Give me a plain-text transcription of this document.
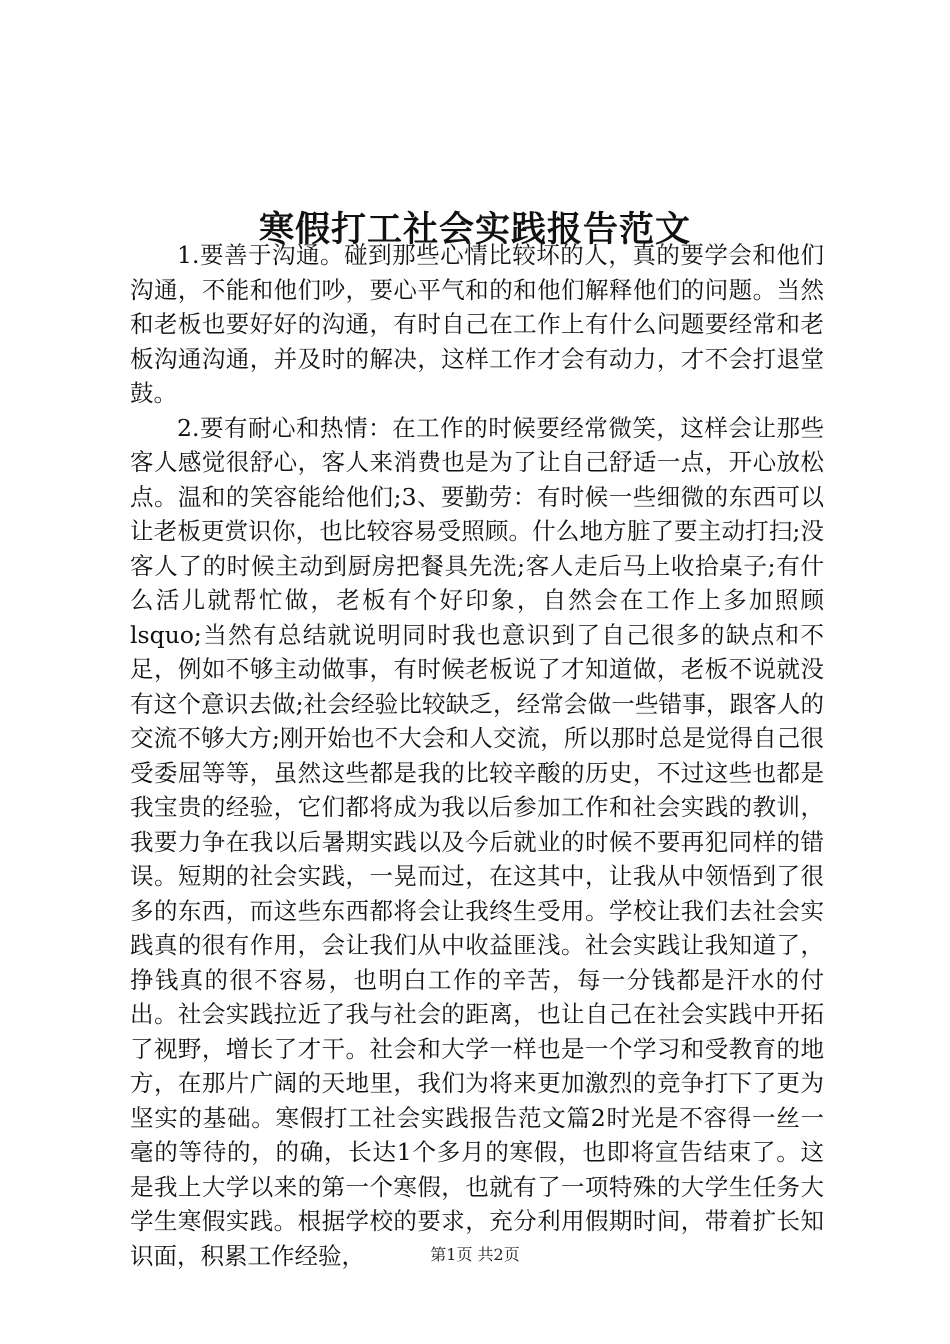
寒假打工社会实践报告范文

1.要善于沟通。碰到那些心情比较坏的人，真的要学会和他们沟通，不能和他们吵，要心平气和的和他们解释他们的问题。当然和老板也要好好的沟通，有时自己在工作上有什么问题要经常和老板沟通沟通，并及时的解决，这样工作才会有动力，才不会打退堂鼓。

2.要有耐心和热情：在工作的时候要经常微笑，这样会让那些客人感觉很舒心，客人来消费也是为了让自己舒适一点，开心放松点。温和的笑容能给他们;3、要勤劳：有时候一些细微的东西可以让老板更赏识你，也比较容易受照顾。什么地方脏了要主动打扫;没客人了的时候主动到厨房把餐具先洗;客人走后马上收拾桌子;有什么活儿就帮忙做，老板有个好印象，自然会在工作上多加照顾lsquo;当然有总结就说明同时我也意识到了自己很多的缺点和不足，例如不够主动做事，有时候老板说了才知道做，老板不说就没有这个意识去做;社会经验比较缺乏，经常会做一些错事，跟客人的交流不够大方;刚开始也不大会和人交流，所以那时总是觉得自己很受委屈等等，虽然这些都是我的比较辛酸的历史，不过这些也都是我宝贵的经验，它们都将成为我以后参加工作和社会实践的教训，我要力争在我以后暑期实践以及今后就业的时候不要再犯同样的错误。短期的社会实践，一晃而过，在这其中，让我从中领悟到了很多的东西，而这些东西都将会让我终生受用。学校让我们去社会实践真的很有作用，会让我们从中收益匪浅。社会实践让我知道了，挣钱真的很不容易，也明白工作的辛苦，每一分钱都是汗水的付出。社会实践拉近了我与社会的距离，也让自己在社会实践中开拓了视野，增长了才干。社会和大学一样也是一个学习和受教育的地方，在那片广阔的天地里，我们为将来更加激烈的竞争打下了更为坚实的基础。寒假打工社会实践报告范文篇2时光是不容得一丝一毫的等待的，的确，长达1个多月的寒假，也即将宣告结束了。这是我上大学以来的第一个寒假，也就有了一项特殊的大学生任务大学生寒假实践。根据学校的要求，充分利用假期时间，带着扩长知识面，积累工作经验，	第1页 共2页
